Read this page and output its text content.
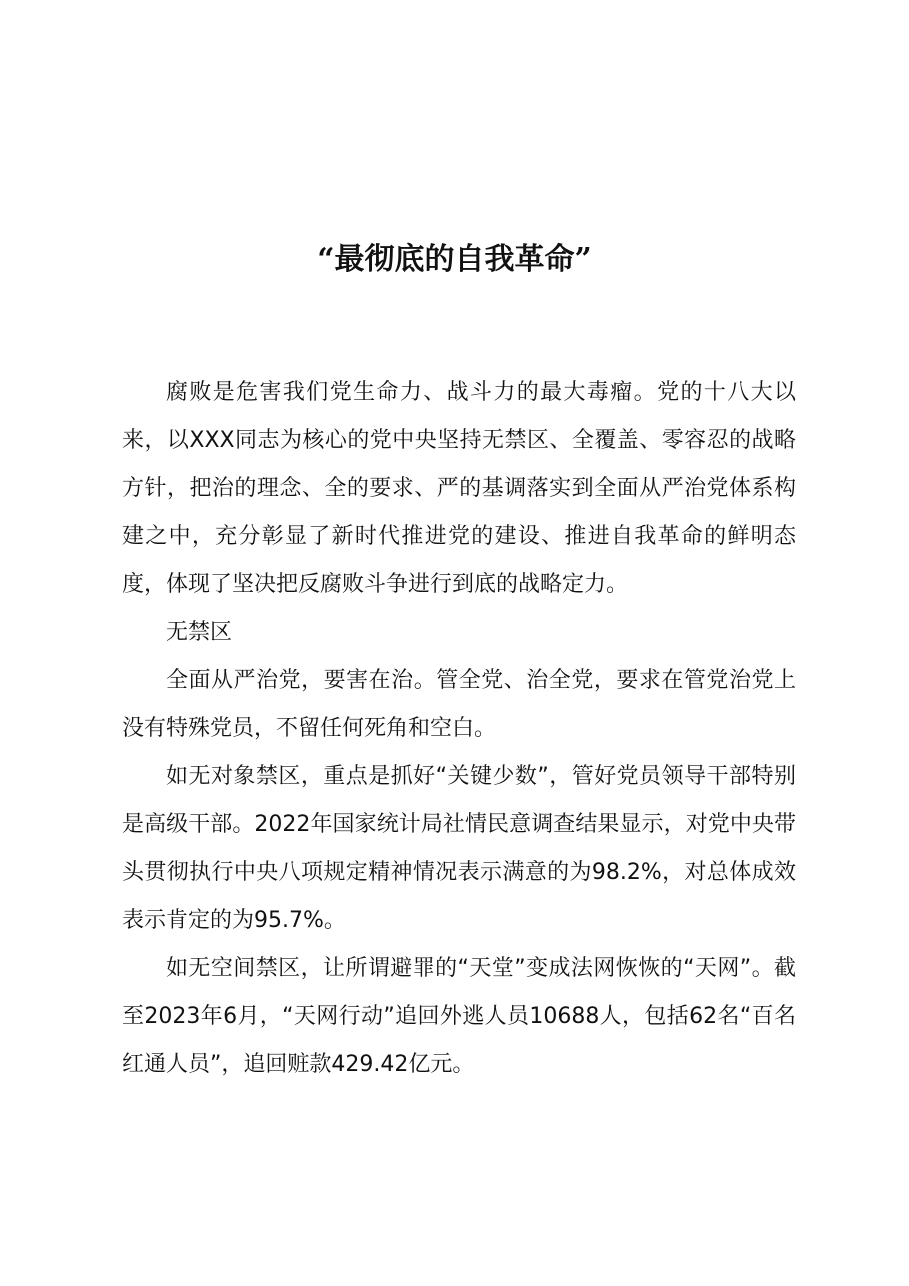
“最彻底的自我革命”

腐败是危害我们党生命力、战斗力的最大毒瘤。党的十八大以来，以XXX同志为核心的党中央坚持无禁区、全覆盖、零容忍的战略方针，把治的理念、全的要求、严的基调落实到全面从严治党体系构建之中，充分彰显了新时代推进党的建设、推进自我革命的鲜明态度，体现了坚决把反腐败斗争进行到底的战略定力。

无禁区

全面从严治党，要害在治。管全党、治全党，要求在管党治党上没有特殊党员，不留任何死角和空白。

如无对象禁区，重点是抓好“关键少数”，管好党员领导干部特别是高级干部。2022年国家统计局社情民意调查结果显示，对党中央带头贯彻执行中央八项规定精神情况表示满意的为98.2%，对总体成效表示肯定的为95.7%。

如无空间禁区，让所谓避罪的“天堂”变成法网恢恢的“天网”。截至2023年6月，“天网行动”追回外逃人员10688人，包括62名“百名红通人员”，追回赃款429.42亿元。
